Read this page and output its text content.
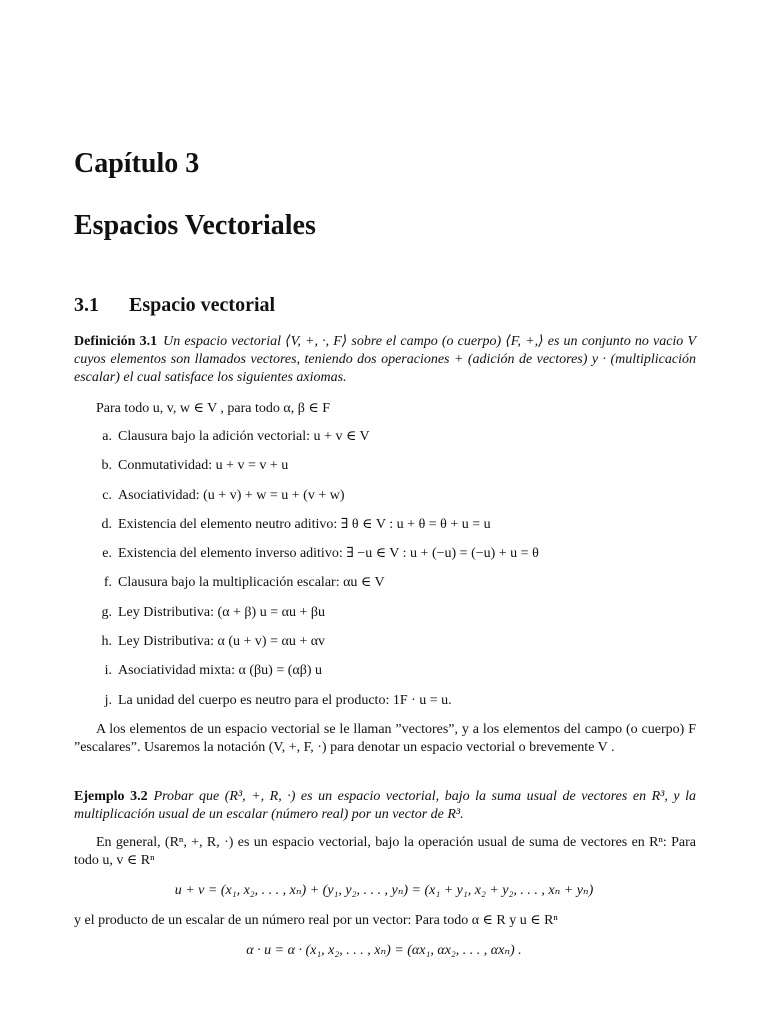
Capítulo 3
Espacios Vectoriales
3.1 Espacio vectorial
Definición 3.1 Un espacio vectorial ⟨V, +, ·, F⟩ sobre el campo (o cuerpo) ⟨F, +,⟩ es un conjunto no vacio V cuyos elementos son llamados vectores, teniendo dos operaciones + (adición de vectores) y · (multiplicación escalar) el cual satisface los siguientes axiomas.
Para todo u, v, w ∈ V , para todo α, β ∈ F
a. Clausura bajo la adición vectorial: u + v ∈ V
b. Conmutatividad: u + v = v + u
c. Asociatividad: (u + v) + w = u + (v + w)
d. Existencia del elemento neutro aditivo: ∃ θ ∈ V : u + θ = θ + u = u
e. Existencia del elemento inverso aditivo: ∃ −u ∈ V : u + (−u) = (−u) + u = θ
f. Clausura bajo la multiplicación escalar: αu ∈ V
g. Ley Distributiva: (α + β) u = αu + βu
h. Ley Distributiva: α (u + v) = αu + αv
i. Asociatividad mixta: α (βu) = (αβ) u
j. La unidad del cuerpo es neutro para el producto: 1F · u = u.
A los elementos de un espacio vectorial se le llaman ”vectores”, y a los elementos del campo (o cuerpo) F ”escalares”. Usaremos la notación (V, +, F, ·) para denotar un espacio vectorial o brevemente V .
Ejemplo 3.2 Probar que (R³, +, R, ·) es un espacio vectorial, bajo la suma usual de vectores en R³, y la multiplicación usual de un escalar (número real) por un vector de R³.
En general, (Rⁿ, +, R, ·) es un espacio vectorial, bajo la operación usual de suma de vectores en Rⁿ: Para todo u, v ∈ Rⁿ
u + v = (x₁, x₂, . . . , xₙ) + (y₁, y₂, . . . , yₙ) = (x₁ + y₁, x₂ + y₂, . . . , xₙ + yₙ)
y el producto de un escalar de un número real por un vector: Para todo α ∈ R y u ∈ Rⁿ
α · u = α · (x₁, x₂, . . . , xₙ) = (αx₁, αx₂, . . . , αxₙ) .
